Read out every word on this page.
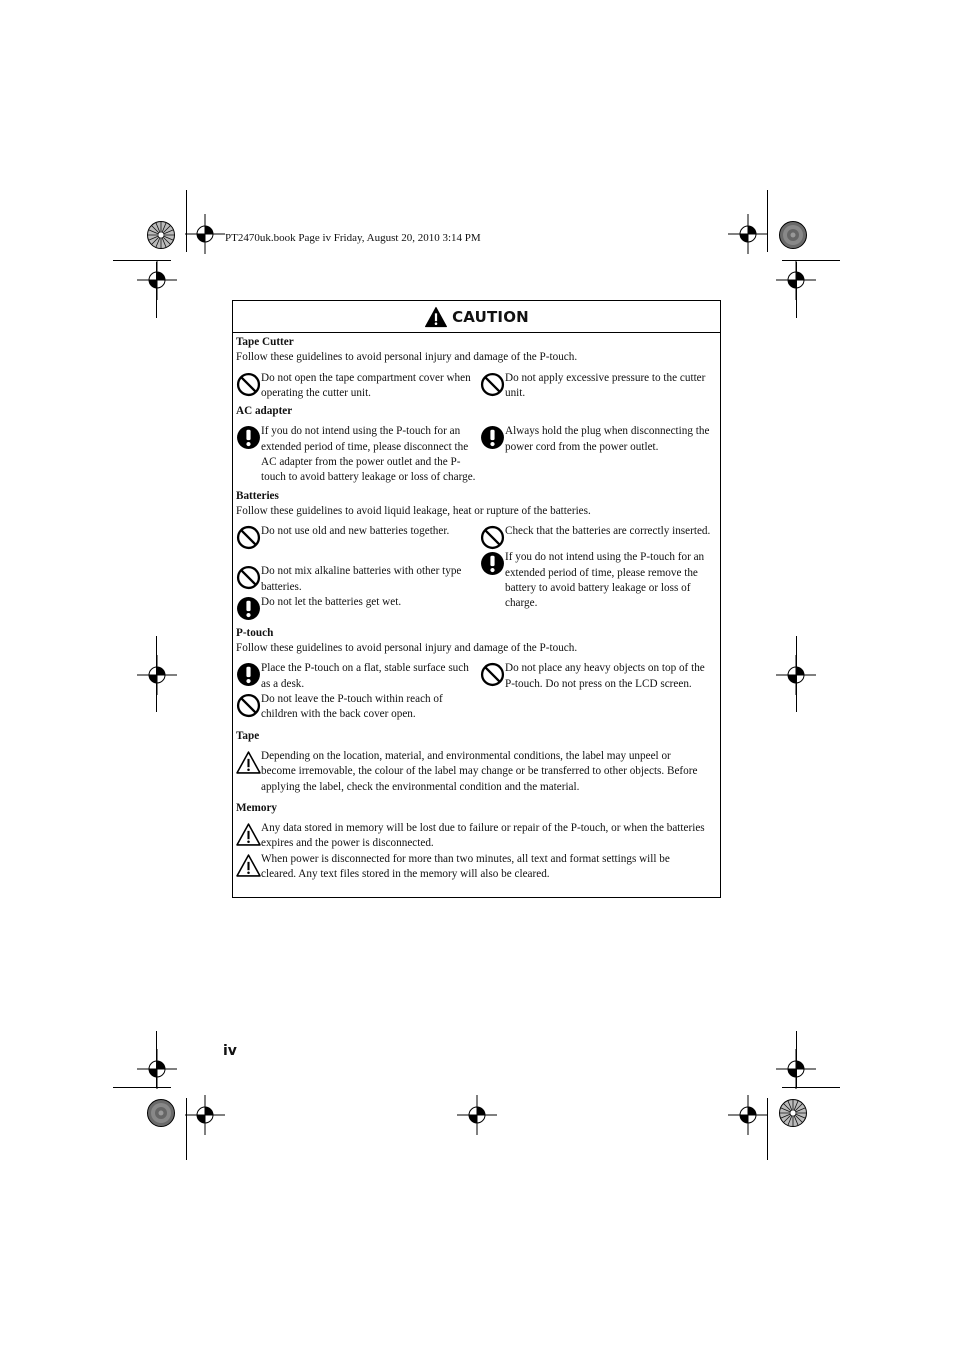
PT2470uk.book Page iv Friday, August 20, 2010 3:14 PM
CAUTION
Tape Cutter

Follow these guidelines to avoid personal injury and damage of the P-touch.

Do not open the tape compartment cover when operating the cutter unit.
Do not apply excessive pressure to the cutter unit.
AC adapter
If you do not intend using the P-touch for an extended period of time, please disconnect the AC adapter from the power outlet and the P-touch to avoid battery leakage or loss of charge.
Always hold the plug when disconnecting the power cord from the power outlet.
Batteries

Follow these guidelines to avoid liquid leakage, heat or rupture of the batteries.

Do not use old and new batteries together.
Do not mix alkaline batteries with other type batteries.
Do not let the batteries get wet.
Check that the batteries are correctly inserted.
If you do not intend using the P-touch for an extended period of time, please remove the battery to avoid battery leakage or loss of charge.
P-touch

Follow these guidelines to avoid personal injury and damage of the P-touch.

Place the P-touch on a flat, stable surface such as a desk.
Do not leave the P-touch within reach of children with the back cover open.
Do not place any heavy objects on top of the P-touch. Do not press on the LCD screen.
Tape
Depending on the location, material, and environmental conditions, the label may unpeel or become irremovable, the colour of the label may change or be transferred to other objects. Before applying the label, check the environmental condition and the material.
Memory
Any data stored in memory will be lost due to failure or repair of the P-touch, or when the batteries expires and the power is disconnected.
When power is disconnected for more than two minutes, all text and format settings will be cleared. Any text files stored in the memory will also be cleared.
iv
